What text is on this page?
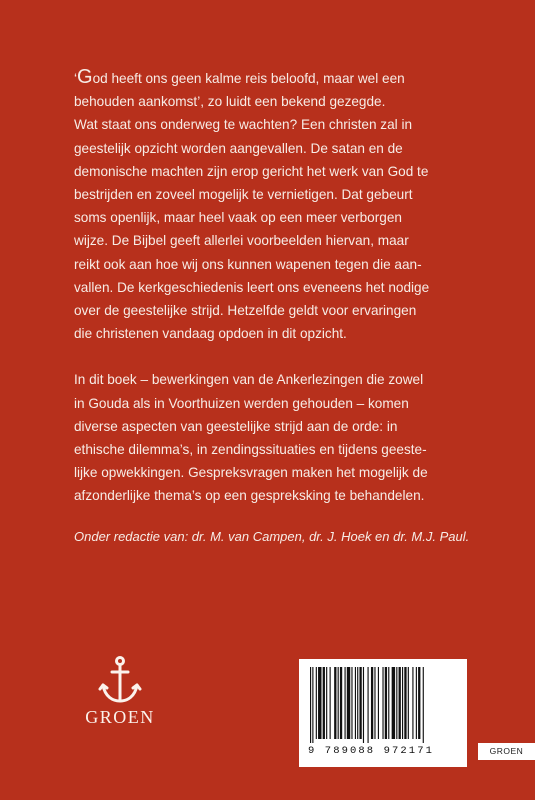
‘God heeft ons geen kalme reis beloofd, maar wel een
behouden aankomst’, zo luidt een bekend gezegde.
Wat staat ons onderweg te wachten? Een christen zal in
geestelijk opzicht worden aangevallen. De satan en de
demonische machten zijn erop gericht het werk van God te
bestrijden en zoveel mogelijk te vernietigen. Dat gebeurt
soms openlijk, maar heel vaak op een meer verborgen
wijze. De Bijbel geeft allerlei voorbeelden hiervan, maar
reikt ook aan hoe wij ons kunnen wapenen tegen die aan-
vallen. De kerkgeschiedenis leert ons eveneens het nodige
over de geestelijke strijd. Hetzelfde geldt voor ervaringen
die christenen vandaag opdoen in dit opzicht.

In dit boek – bewerkingen van de Ankerlezingen die zowel
in Gouda als in Voorthuizen werden gehouden – komen
diverse aspecten van geestelijke strijd aan de orde: in
ethische dilemma’s, in zendingssituaties en tijdens geeste-
lijke opwekkingen. Gespreksvragen maken het mogelijk de
afzonderlijke thema’s op een gespreksking te behandelen.

Onder redactie van: dr. M. van Campen, dr. J. Hoek en dr. M.J. Paul.
GROEN
9 789088 972171	GROEN
